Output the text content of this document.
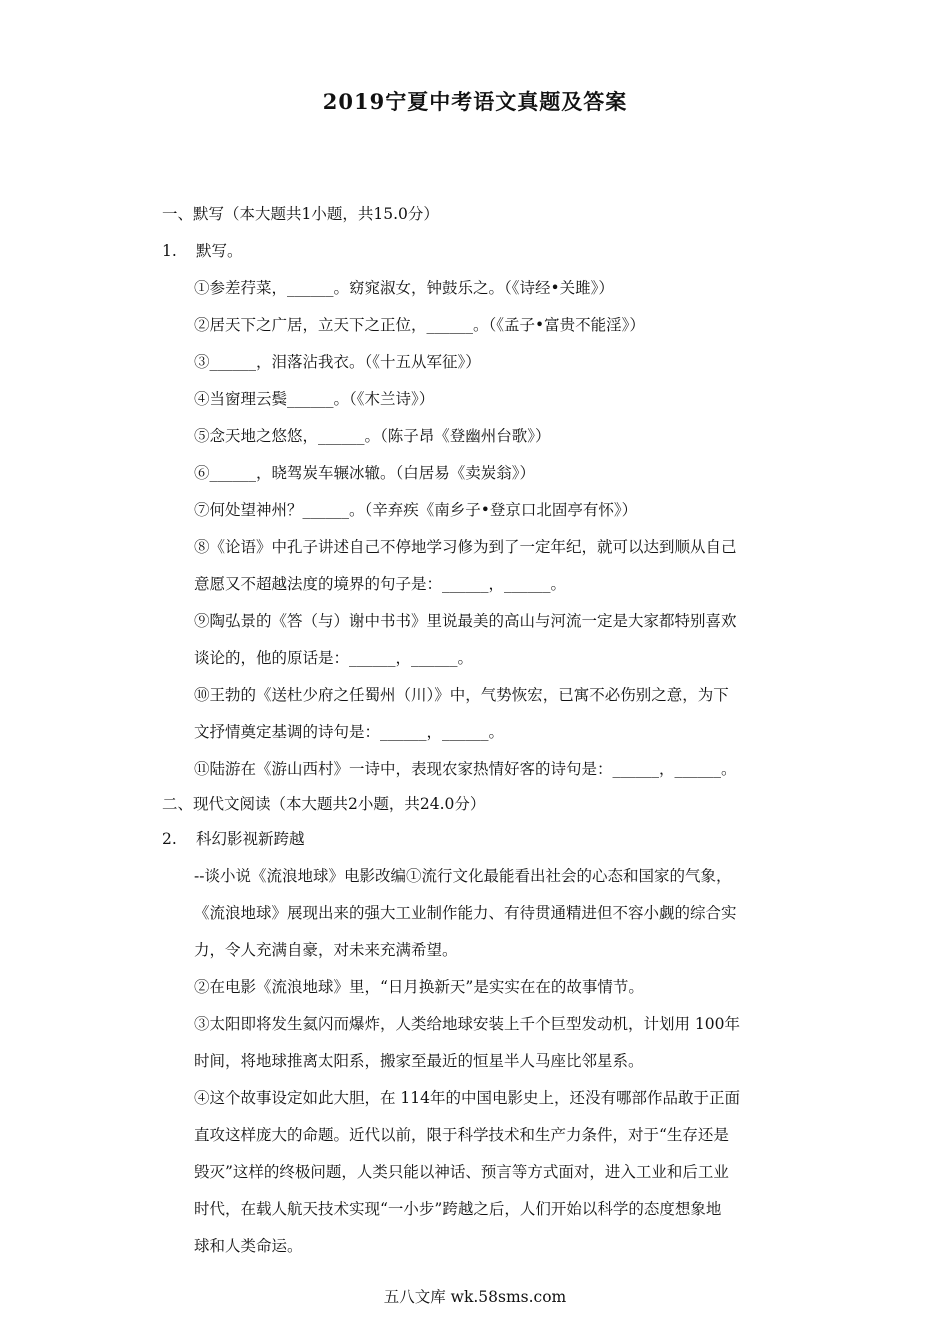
2019宁夏中考语文真题及答案
一、默写（本大题共1小题，共15.0分）
1. 默写。
①参差荇菜，______。窈窕淑女，钟鼓乐之。（《诗经•关雎》）
②居天下之广居，立天下之正位，______。（《孟子•富贵不能淫》）
③______，泪落沾我衣。（《十五从军征》）
④当窗理云鬓______。（《木兰诗》）
⑤念天地之悠悠，______。（陈子昂《登幽州台歌》）
⑥______，晓驾炭车辗冰辙。（白居易《卖炭翁》）
⑦何处望神州？______。（辛弃疾《南乡子•登京口北固亭有怀》）
⑧《论语》中孔子讲述自己不停地学习修为到了一定年纪，就可以达到顺从自己
意愿又不超越法度的境界的句子是：______，______。
⑨陶弘景的《答（与）谢中书书》里说最美的高山与河流一定是大家都特别喜欢
谈论的，他的原话是：______，______。
⑩王勃的《送杜少府之任蜀州（川）》中，气势恢宏，已寓不必伤别之意，为下
文抒情奠定基调的诗句是：______，______。
⑪陆游在《游山西村》一诗中，表现农家热情好客的诗句是：______，______。
二、现代文阅读（本大题共2小题，共24.0分）
2. 科幻影视新跨越
--谈小说《流浪地球》电影改编①流行文化最能看出社会的心态和国家的气象，
《流浪地球》展现出来的强大工业制作能力、有待贯通精进但不容小觑的综合实
力，令人充满自豪，对未来充满希望。
②在电影《流浪地球》里，“日月换新天”是实实在在的故事情节。
③太阳即将发生氦闪而爆炸，人类给地球安装上千个巨型发动机，计划用 100年
时间，将地球推离太阳系，搬家至最近的恒星半人马座比邻星系。
④这个故事设定如此大胆，在 114年的中国电影史上，还没有哪部作品敢于正面
直攻这样庞大的命题。近代以前，限于科学技术和生产力条件，对于“生存还是
毁灭”这样的终极问题，人类只能以神话、预言等方式面对，进入工业和后工业
时代，在载人航天技术实现“一小步”跨越之后，人们开始以科学的态度想象地
球和人类命运。
五八文库 wk.58sms.com
